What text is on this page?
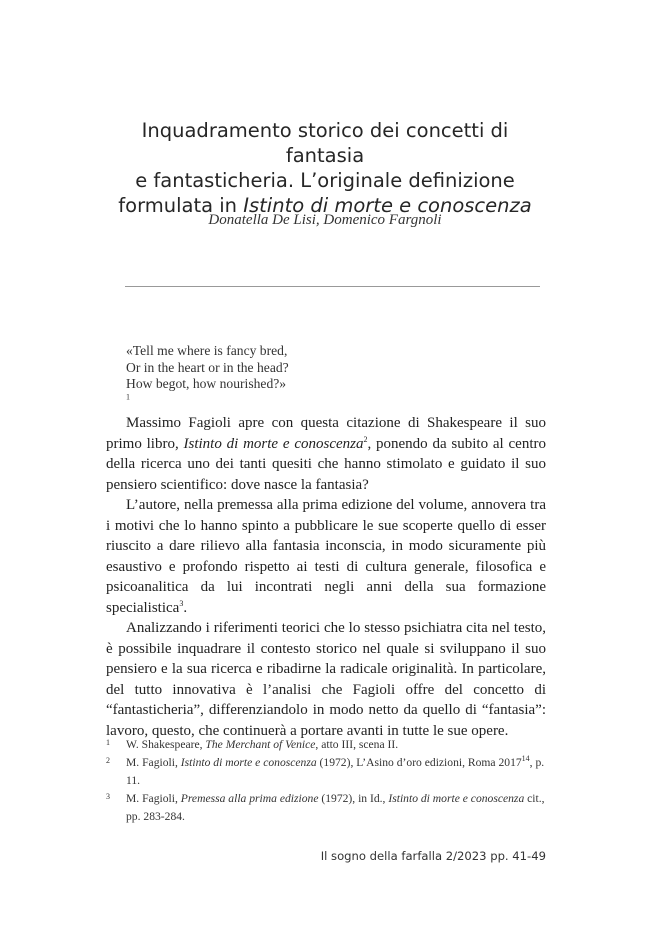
Inquadramento storico dei concetti di fantasia
e fantasticheria. L’originale definizione
formulata in Istinto di morte e conoscenza
Donatella De Lisi, Domenico Fargnoli
«Tell me where is fancy bred,
Or in the heart or in the head?
How begot, how nourished?»
$^1$

Massimo Fagioli apre con questa citazione di Shakespeare il suo primo libro, Istinto di morte e conoscenza$^2$, ponendo da subito al centro della ricerca uno dei tanti quesiti che hanno stimolato e guidato il suo pensiero scientifico: dove nasce la fantasia?

L’autore, nella premessa alla prima edizione del volume, annovera tra i motivi che lo hanno spinto a pubblicare le sue scoperte quello di esser riuscito a dare rilievo alla fantasia inconscia, in modo sicuramente più esaustivo e profondo rispetto ai testi di cultura generale, filosofica e psicoanalitica da lui incontrati negli anni della sua formazione specialistica$^3$.

Analizzando i riferimenti teorici che lo stesso psichiatra cita nel testo, è possibile inquadrare il contesto storico nel quale si sviluppano il suo pensiero e la sua ricerca e ribadirne la radicale originalità. In particolare, del tutto innovativa è l’analisi che Fagioli offre del concetto di “fantasticheria”, differenziandolo in modo netto da quello di “fantasia”: lavoro, questo, che continuerà a portare avanti in tutte le sue opere.

1 W. Shakespeare, The Merchant of Venice, atto III, scena II.

2 M. Fagioli, Istinto di morte e conoscenza (1972), L’Asino d’oro edizioni, Roma 2017$^{14}$, p. 11.

3 M. Fagioli, Premessa alla prima edizione (1972), in Id., Istinto di morte e conoscenza cit., pp. 283-284.

Il sogno della farfalla 2/2023 pp. 41-49
